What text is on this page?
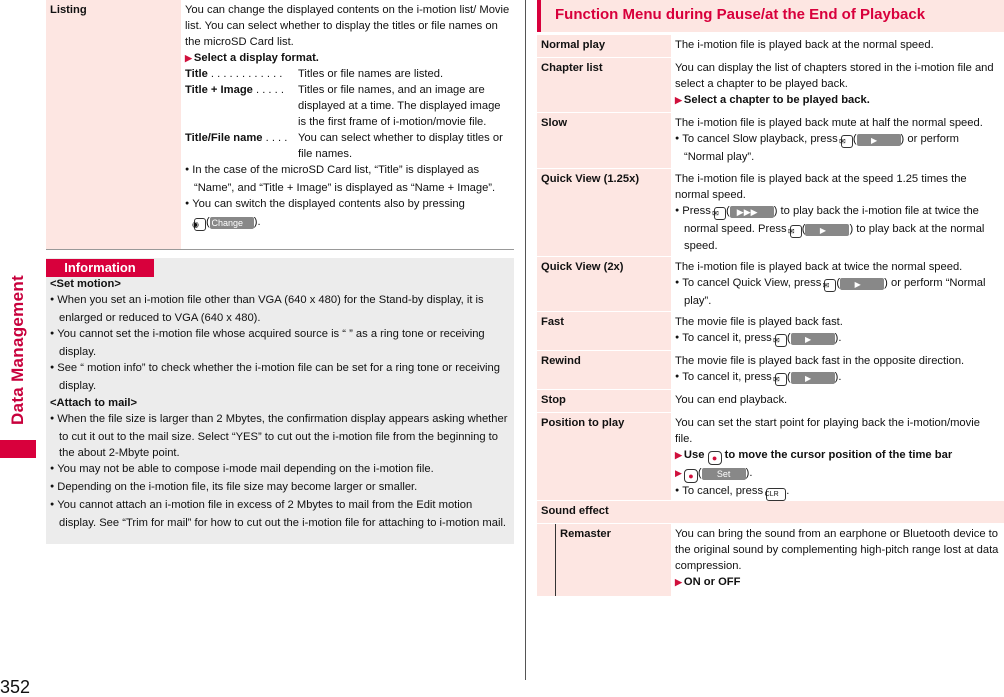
Data Management
352
Listing	You can change the displayed contents on the i-motion list/ Movie list. You can select whether to display the titles or file names on the microSD Card list.
▶ Select a display format.
Title . . . . . . . . . . . .	Titles or file names are listed.
Title + Image . . . . .	Titles or file names, and an image are displayed at a time. The displayed image is the first frame of i-motion/movie file.
Title/File name . . . . You can select whether to display titles or file names.
● In the case of the microSD Card list, “Title” is displayed as “Name”, and “Title + Image” is displayed as “Name + Image”.
● You can switch the displayed contents also by pressing
◉ ( Change ).
<Set motion>
● When you set an i-motion file other than VGA (640 x 480) for the Stand-by display, it is enlarged or reduced to VGA (640 x 480).
● You cannot set the i-motion file whose acquired source is “ ” as a ring tone or receiving display.
● See “ motion info” to check whether the i-motion file can be set for a ring tone or receiving display.
<Attach to mail>
● When the file size is larger than 2 Mbytes, the confirmation display appears asking whether to cut it out to the mail size. Select “YES” to cut out the i-motion file from the beginning to the about 2-Mbyte point.
● You may not be able to compose i-mode mail depending on the i-motion file.
● Depending on the i-motion file, its file size may become larger or smaller.
● You cannot attach an i-motion file in excess of 2 Mbytes to mail from the Edit motion display. See “Trim for mail” for how to cut out the i-motion file for attaching to i-motion mail.
Information
Function Menu during Pause/at the End of Playback
Normal play	The i-motion file is played back at the normal speed.
Chapter list	You can display the list of chapters stored in the i-motion file and select a chapter to be played back.
▶ Select a chapter to be played back.
Slow	The i-motion file is played back mute at half the normal speed.
● To cancel Slow playback, press ✉ ( ▶	) or perform “Normal play”.
Quick View (1.25x)	The i-motion file is played back at the speed 1.25 times the normal speed.
● Press ✉ ( ▶▶▶ ) to play back the i-motion file at twice the normal speed. Press ✉ ( ▶	) to play back at the normal speed.
Quick View (2x)	The i-motion file is played back at twice the normal speed.
● To cancel Quick View, press ✉ ( ▶	) or perform “Normal play”.
Fast	The movie file is played back fast.
● To cancel it, press ✉ ( ▶	).
Rewind	The movie file is played back fast in the opposite direction.
● To cancel it, press ✉ ( ▶	).
Stop	You can end playback.
Position to play	You can set the start point for playing back the i-motion/movie file.
▶ Use ● to move the cursor position of the time bar
●▶ ( Set ).
● To cancel, press CLR .
Sound effect
Remaster	You can bring the sound from an earphone or Bluetooth device to the original sound by complementing high-pitch range lost at data compression.
▶ ON or OFF
